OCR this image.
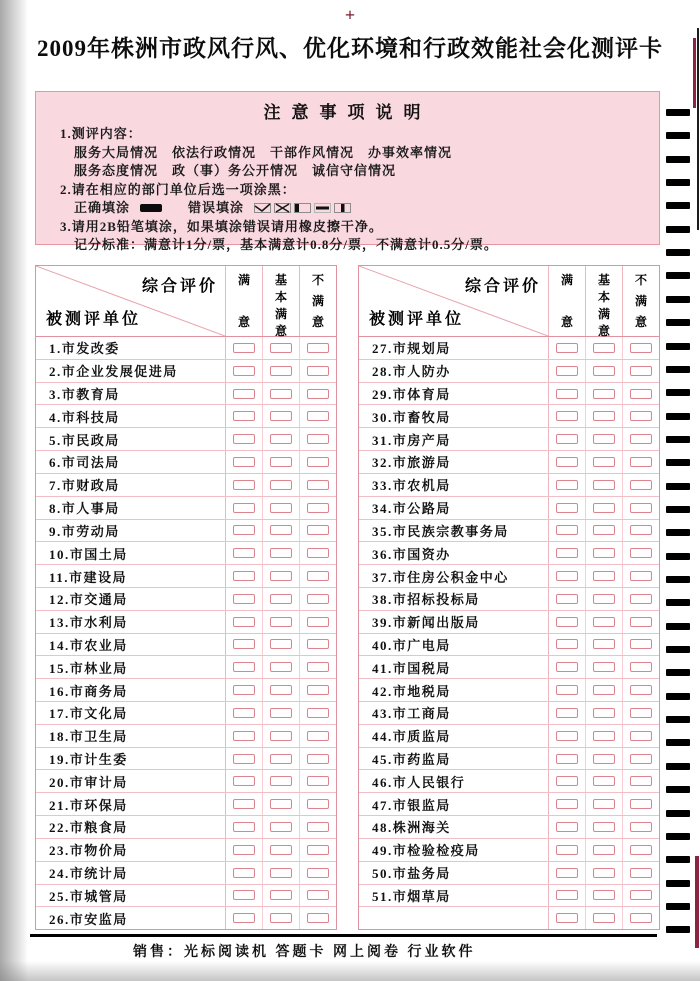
+
2009年株洲市政风行风、优化环境和行政效能社会化测评卡
注意事项说明
1.测评内容：
服务大局情况　依法行政情况　干部作风情况　办事效率情况
服务态度情况　政（事）务公开情况　诚信守信情况
2.请在相应的部门单位后选一项涂黑：
正确填涂	错误填涂
3.请用2B铅笔填涂，如果填涂错误请用橡皮擦干净。
记分标准：满意计1分/票，基本满意计0.8分/票，不满意计0.5分/票。
综合评价
被测评单位
满
意
基
本
满
意
不
满
意
1.市发改委
2.市企业发展促进局
3.市教育局
4.市科技局
5.市民政局
6.市司法局
7.市财政局
8.市人事局
9.市劳动局
10.市国土局
11.市建设局
12.市交通局
13.市水利局
14.市农业局
15.市林业局
16.市商务局
17.市文化局
18.市卫生局
19.市计生委
20.市审计局
21.市环保局
22.市粮食局
23.市物价局
24.市统计局
25.市城管局
26.市安监局
综合评价
被测评单位
满
意
基
本
满
意
不
满
意
27.市规划局
28.市人防办
29.市体育局
30.市畜牧局
31.市房产局
32.市旅游局
33.市农机局
34.市公路局
35.市民族宗教事务局
36.市国资办
37.市住房公积金中心
38.市招标投标局
39.市新闻出版局
40.市广电局
41.市国税局
42.市地税局
43.市工商局
44.市质监局
45.市药监局
46.市人民银行
47.市银监局
48.株洲海关
49.市检验检疫局
50.市盐务局
51.市烟草局
销售：光标阅读机 答题卡 网上阅卷 行业软件
